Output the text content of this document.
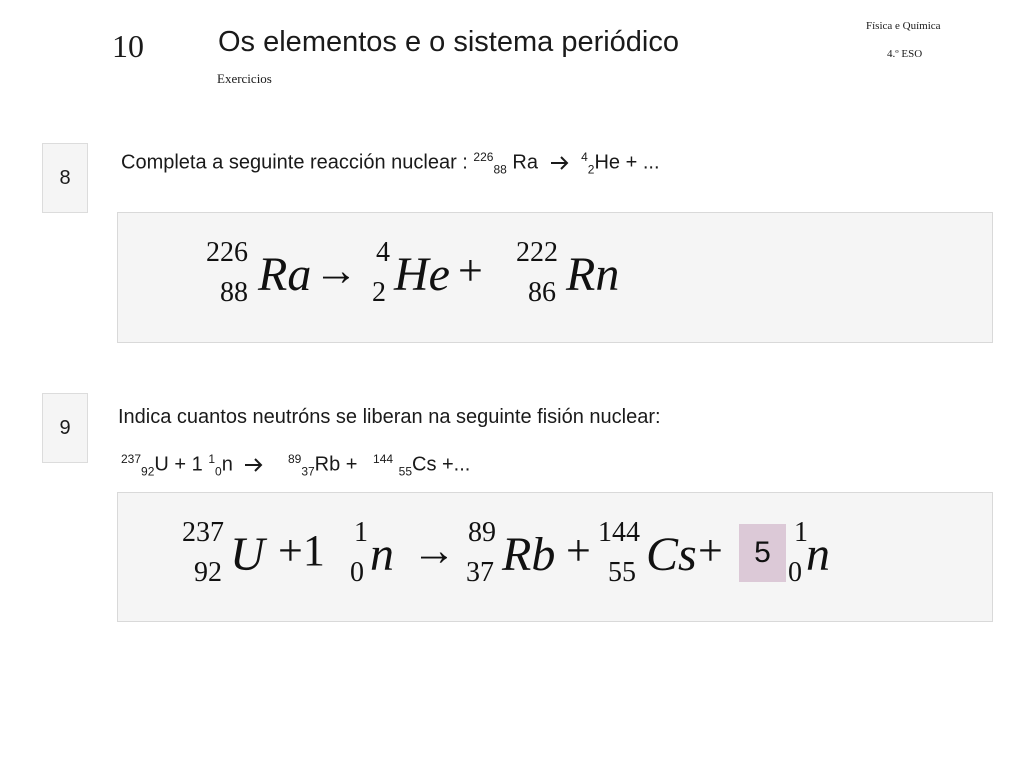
10	Os elementos e o sistema periódico
Exercicios
Física e Química
4.º ESO
8
Completa a seguinte reacción nuclear : $^{226}_{88}$ Ra	$^4_2$He + ...
226
88 Ra → 4
2 He + 222
86 Rn
9	Indica cuantos neutróns se liberan na seguinte fisión nuclear:
$^{237}_{92}$U + 1 $^1_0$n	$^{89}_{37}$Rb + $^{144}$ $_{55}$Cs +...
237
92 U +1 1
0 n → 89
37 Rb + 144
55 Cs +	1
0 n
5
